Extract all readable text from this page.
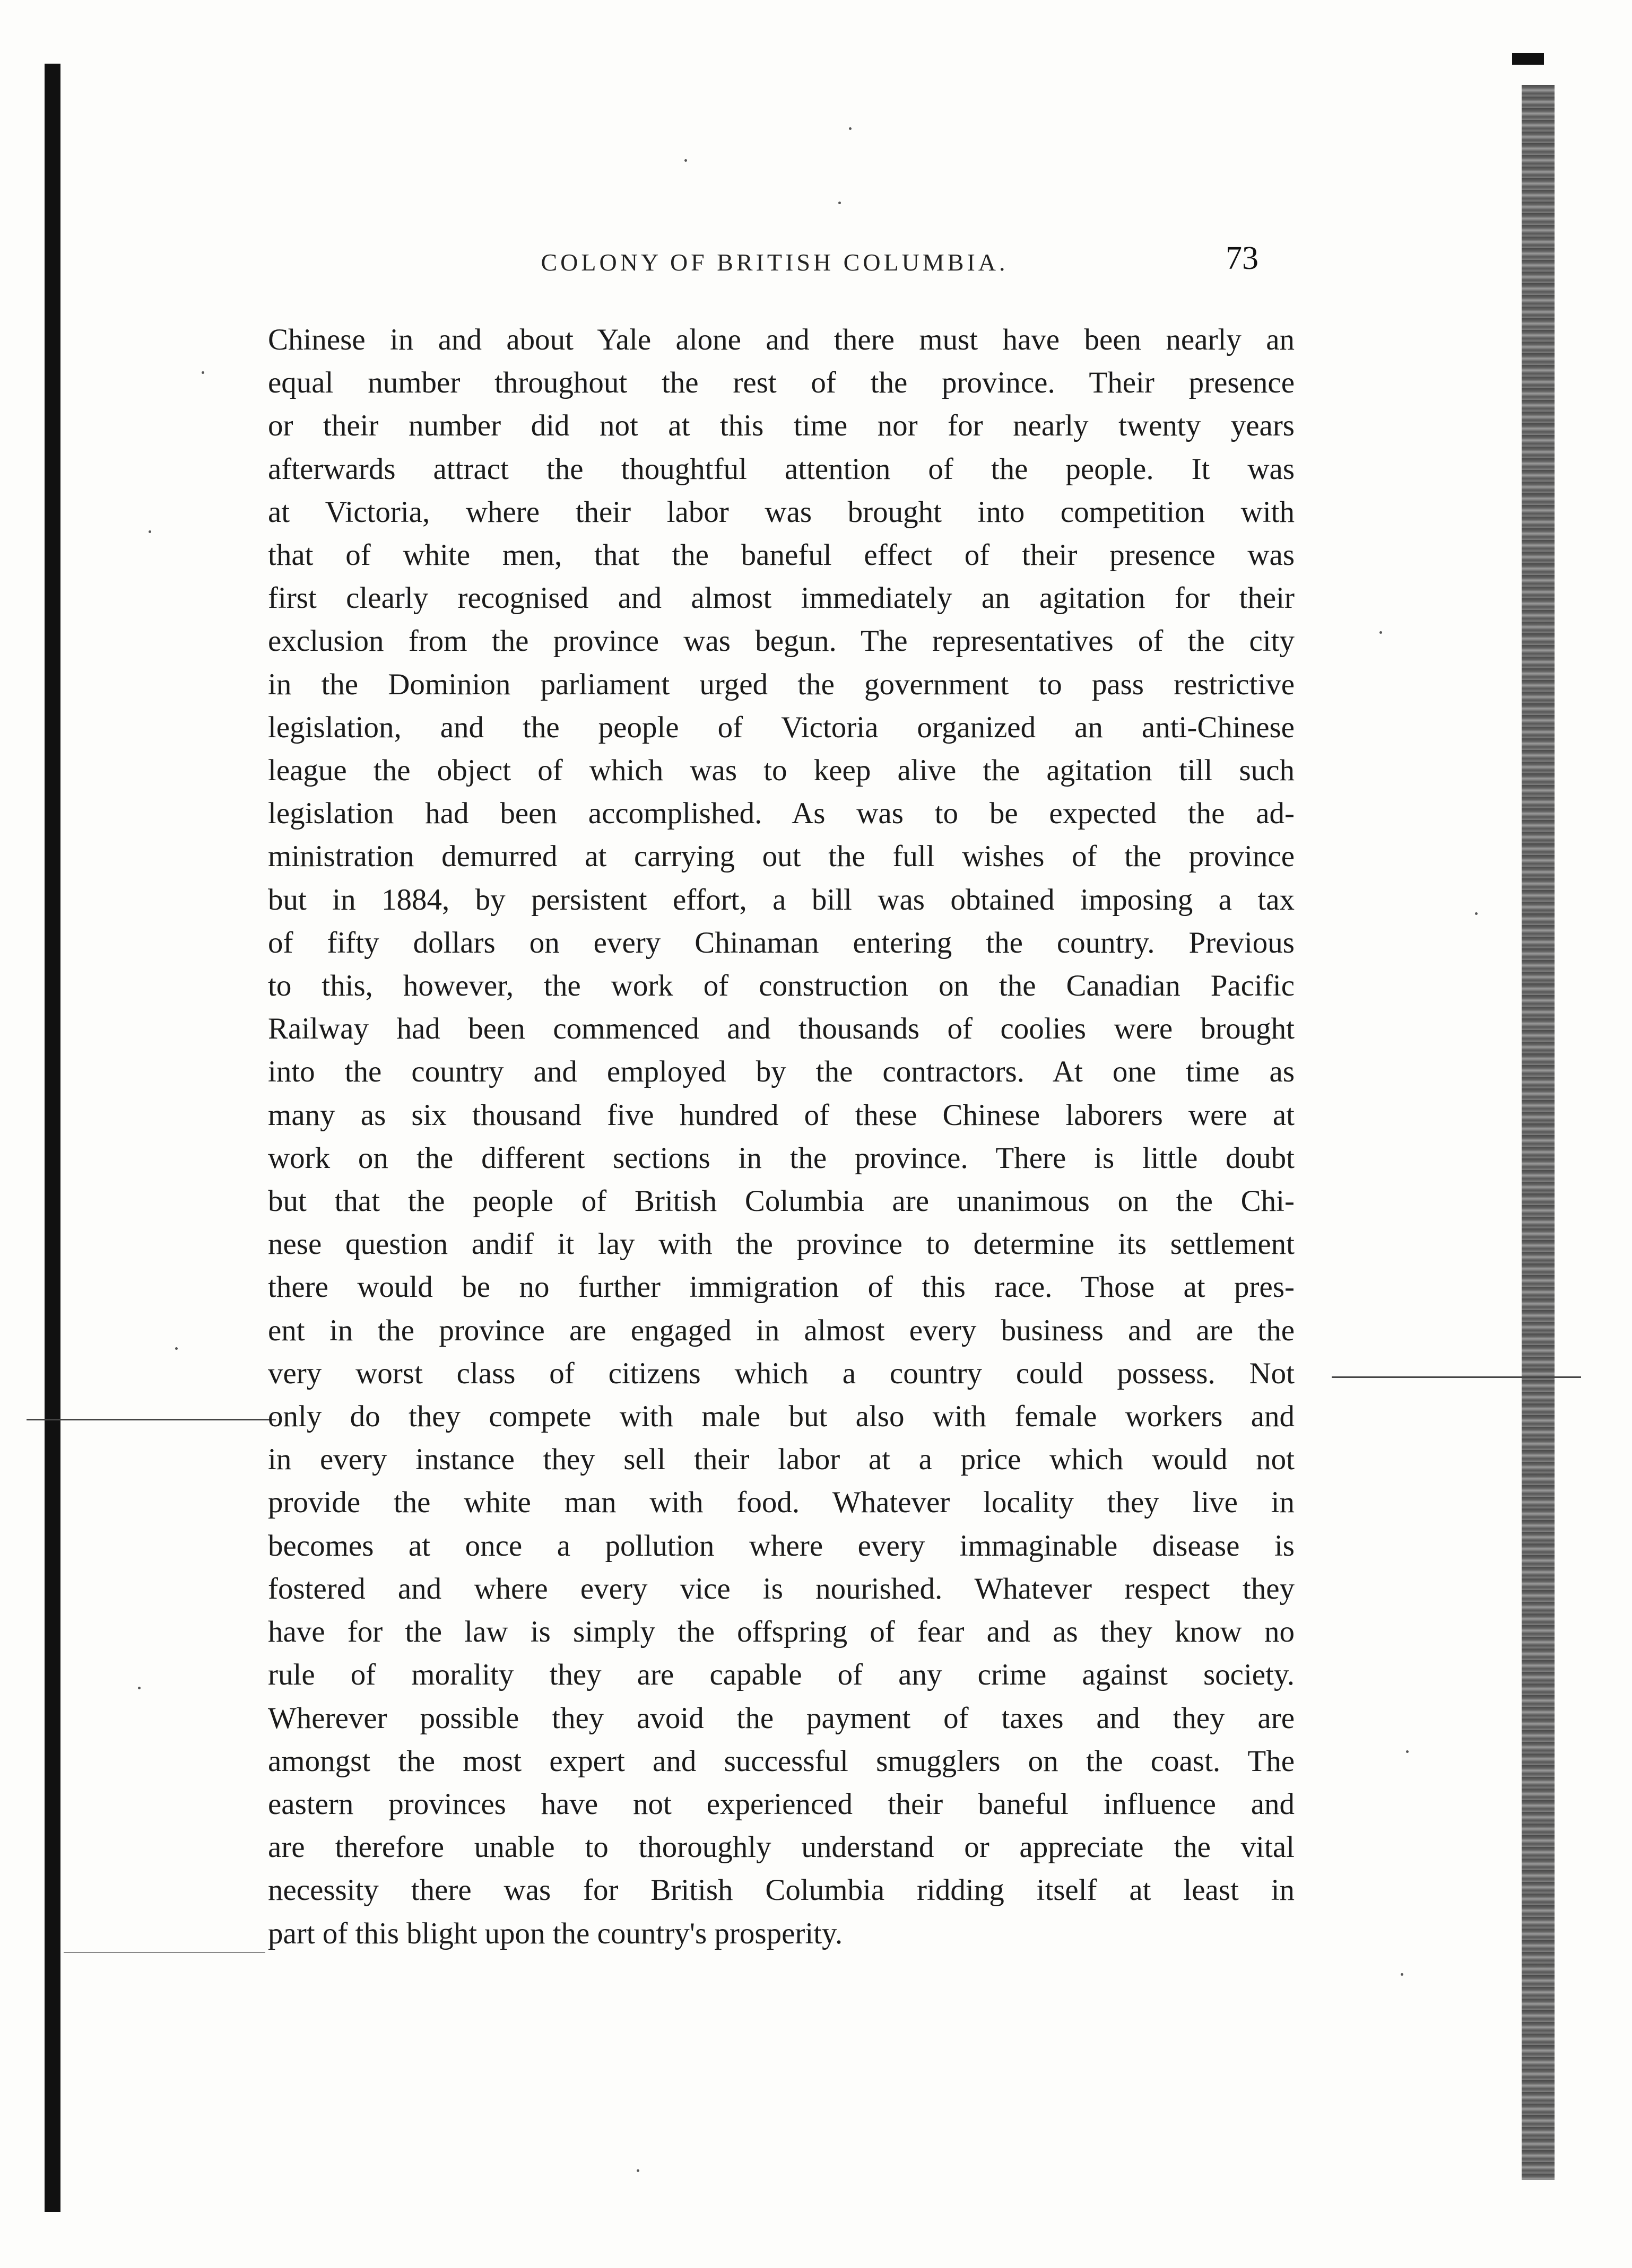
COLONY OF BRITISH COLUMBIA.	73
Chinese in and about Yale alone and there must have been nearly an
equal number throughout the rest of the province. Their presence
or their number did not at this time nor for nearly twenty years
afterwards attract the thoughtful attention of the people. It was
at Victoria, where their labor was brought into competition with
that of white men, that the baneful effect of their presence was
first clearly recognised and almost immediately an agitation for their
exclusion from the province was begun. The representatives of the city
in the Dominion parliament urged the government to pass restrictive
legislation, and the people of Victoria organized an anti-Chinese
league the object of which was to keep alive the agitation till such
legislation had been accomplished. As was to be expected the ad-
ministration demurred at carrying out the full wishes of the province
but in 1884, by persistent effort, a bill was obtained imposing a tax
of fifty dollars on every Chinaman entering the country. Previous
to this, however, the work of construction on the Canadian Pacific
Railway had been commenced and thousands of coolies were brought
into the country and employed by the contractors. At one time as
many as six thousand five hundred of these Chinese laborers were at
work on the different sections in the province. There is little doubt
but that the people of British Columbia are unanimous on the Chi-
nese question andif it lay with the province to determine its settlement
there would be no further immigration of this race. Those at pres-
ent in the province are engaged in almost every business and are the
very worst class of citizens which a country could possess. Not
only do they compete with male but also with female workers and
in every instance they sell their labor at a price which would not
provide the white man with food. Whatever locality they live in
becomes at once a pollution where every immaginable disease is
fostered and where every vice is nourished. Whatever respect they
have for the law is simply the offspring of fear and as they know no
rule of morality they are capable of any crime against society.
Wherever possible they avoid the payment of taxes and they are
amongst the most expert and successful smugglers on the coast. The
eastern provinces have not experienced their baneful influence and
are therefore unable to thoroughly understand or appreciate the vital
necessity there was for British Columbia ridding itself at least in
part of this blight upon the country's prosperity.
